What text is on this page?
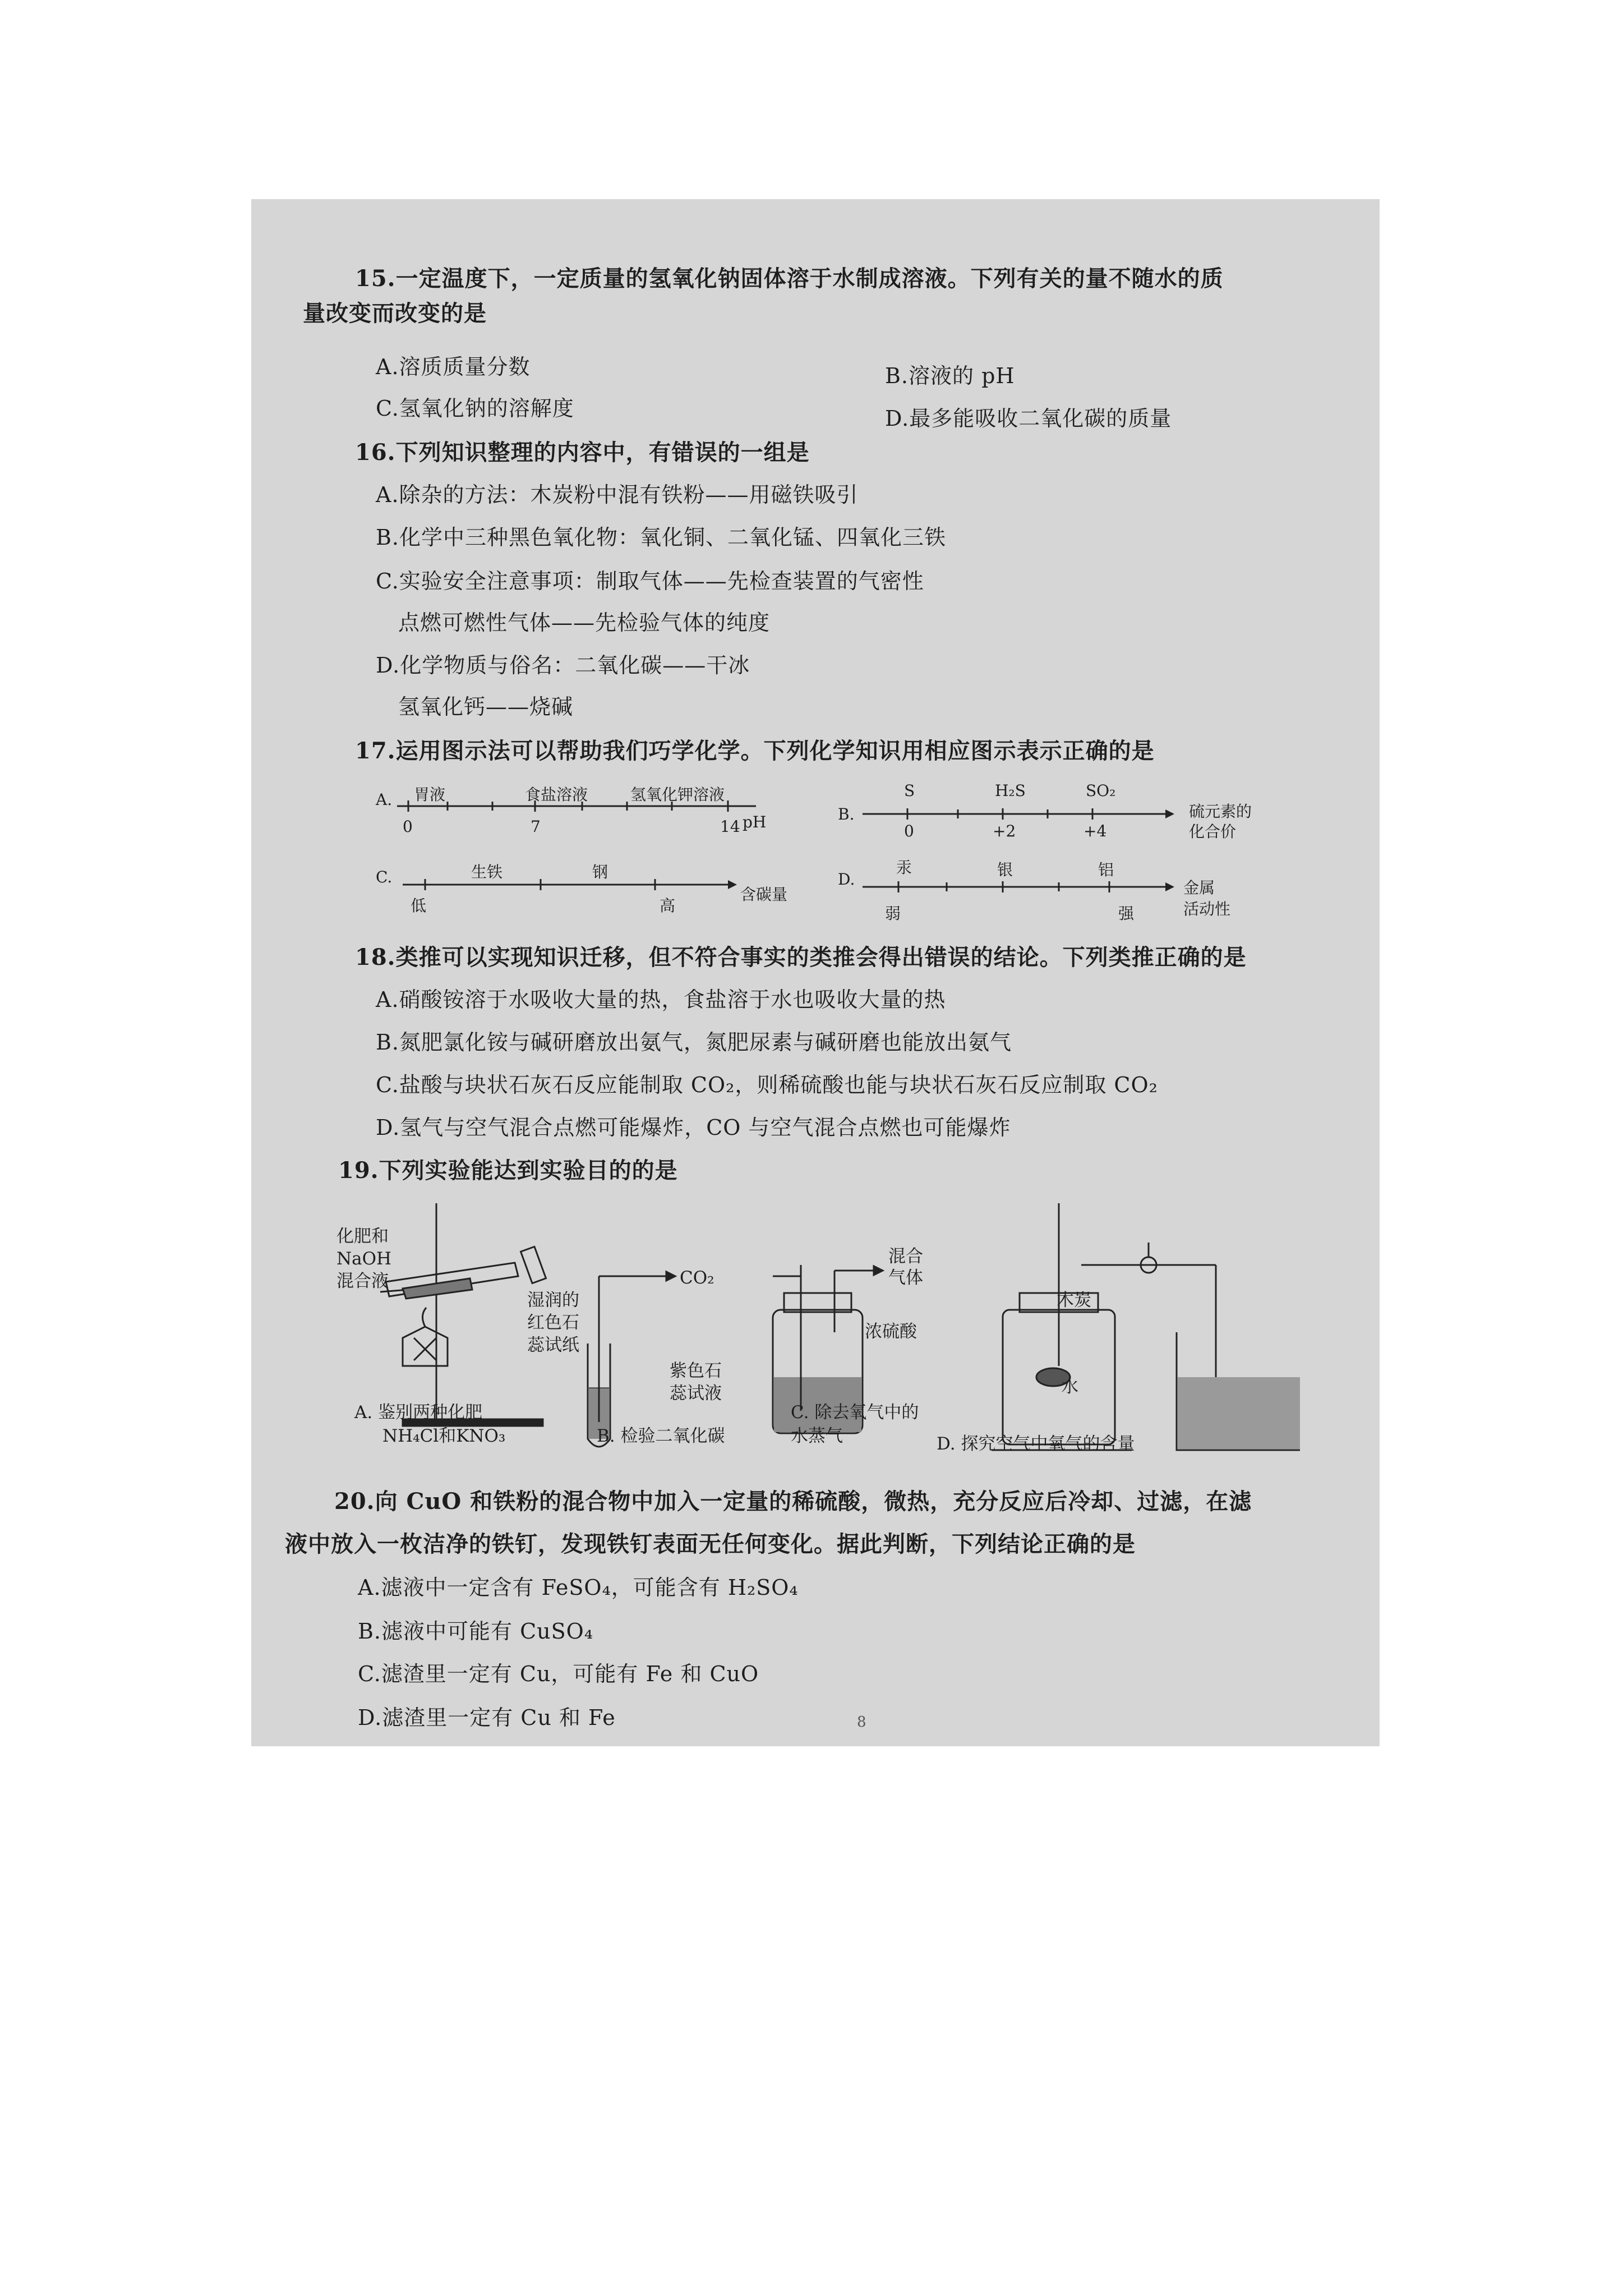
15.一定温度下，一定质量的氢氧化钠固体溶于水制成溶液。下列有关的量不随水的质
量改变而改变的是
A.溶质质量分数	B.溶液的 pH
C.氢氧化钠的溶解度	D.最多能吸收二氧化碳的质量
16.下列知识整理的内容中，有错误的一组是
A.除杂的方法：木炭粉中混有铁粉——用磁铁吸引
B.化学中三种黑色氧化物：氧化铜、二氧化锰、四氧化三铁
C.实验安全注意事项：制取气体——先检查装置的气密性
点燃可燃性气体——先检验气体的纯度
D.化学物质与俗名：二氧化碳——干冰
氢氧化钙——烧碱
17.运用图示法可以帮助我们巧学化学。下列化学知识用相应图示表示正确的是
A. 胃液	食盐溶液	氢氧化钾溶液
0	7	14 pH	B.
S	H₂S	SO₂
0	+2	+4
硫元素的
化合价
C.	生铁	钢
低	高
含碳量
D.
汞	银	铝
弱	强
金属
活动性
18.类推可以实现知识迁移，但不符合事实的类推会得出错误的结论。下列类推正确的是
A.硝酸铵溶于水吸收大量的热，食盐溶于水也吸收大量的热
B.氮肥氯化铵与碱研磨放出氨气，氮肥尿素与碱研磨也能放出氨气
C.盐酸与块状石灰石反应能制取 CO₂，则稀硫酸也能与块状石灰石反应制取 CO₂
D.氢气与空气混合点燃可能爆炸，CO 与空气混合点燃也可能爆炸
19.下列实验能达到实验目的的是
化肥和
NaOH
混合液
湿润的
红色石
蕊试纸
A. 鉴别两种化肥
NH₄Cl和KNO₃
CO₂
紫色石
蕊试液
B. 检验二氧化碳
混合
气体
浓硫酸
C. 除去氧气中的
水蒸气
木炭
水
D. 探究空气中氧气的含量
20.向 CuO 和铁粉的混合物中加入一定量的稀硫酸，微热，充分反应后冷却、过滤，在滤
液中放入一枚洁净的铁钉，发现铁钉表面无任何变化。据此判断，下列结论正确的是
A.滤液中一定含有 FeSO₄，可能含有 H₂SO₄
B.滤液中可能有 CuSO₄
C.滤渣里一定有 Cu，可能有 Fe 和 CuO
D.滤渣里一定有 Cu 和 Fe	8
